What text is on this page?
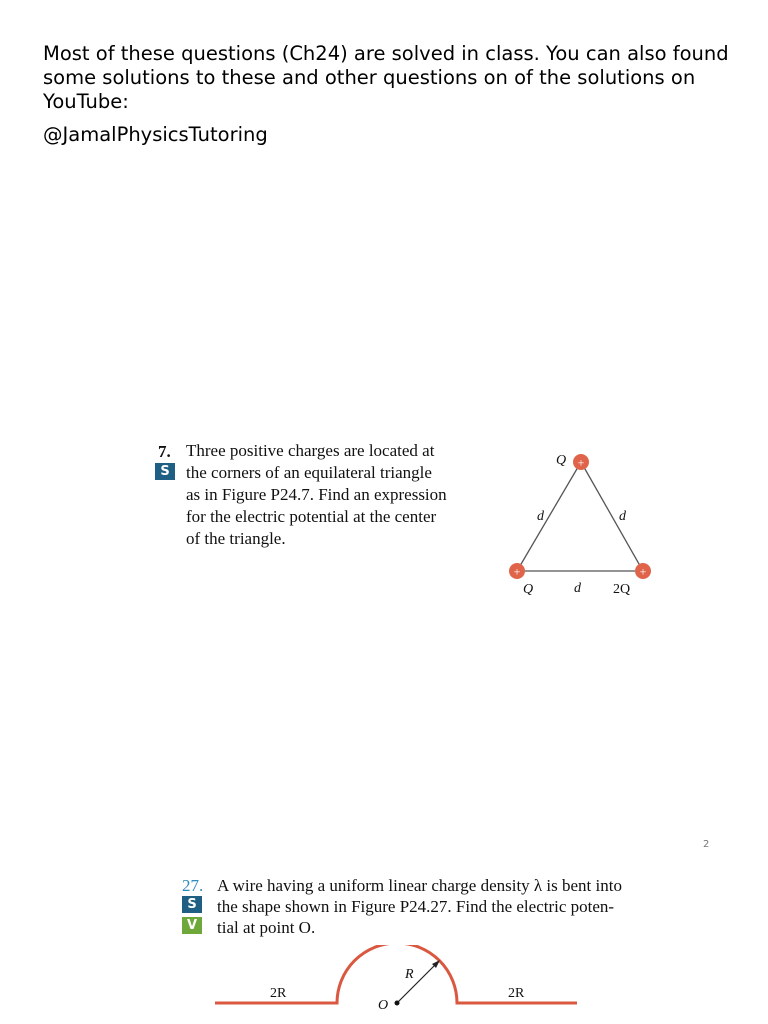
Most of these questions (Ch24) are solved in class. You can also found

some solutions to these and other questions on of the solutions on

YouTube:

@JamalPhysicsTutoring

7.
S
Three positive charges are located at
the corners of an equilateral triangle
as in Figure P24.7. Find an expression
for the electric potential at the center
of the triangle.
+
+	+
Q
d	d
Q	d 2Q
2
27.
S
V
A wire having a uniform linear charge density λ is bent into
the shape shown in Figure P24.27. Find the electric poten-
tial at point O.
2R	2R
R
O
